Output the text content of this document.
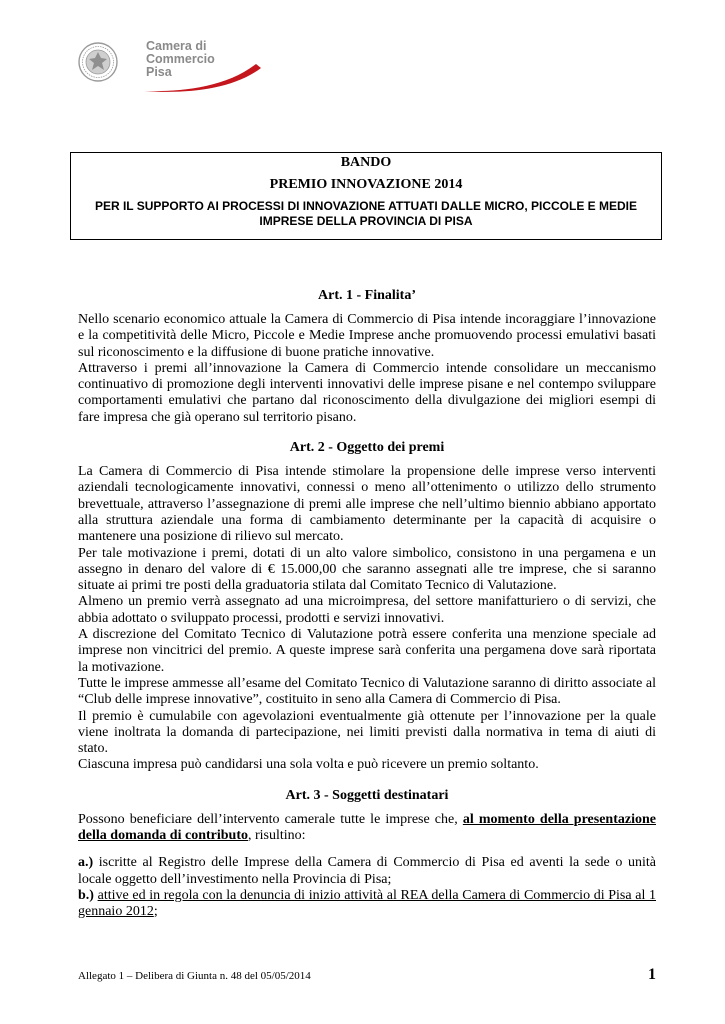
Camera di Commercio
Pisa
BANDO
PREMIO INNOVAZIONE 2014
PER IL SUPPORTO AI PROCESSI DI INNOVAZIONE ATTUATI DALLE MICRO, PICCOLE E MEDIE IMPRESE DELLA PROVINCIA DI PISA
Art. 1 - Finalita’

Nello scenario economico attuale la Camera di Commercio di Pisa intende incoraggiare l’innovazione e la competitività delle Micro, Piccole e Medie Imprese anche promuovendo processi emulativi basati sul riconoscimento e la diffusione di buone pratiche innovative.

Attraverso i premi all’innovazione la Camera di Commercio intende consolidare un meccanismo continuativo di promozione degli interventi innovativi delle imprese pisane e nel contempo sviluppare comportamenti emulativi che partano dal riconoscimento della divulgazione dei migliori esempi di fare impresa che già operano sul territorio pisano.

Art. 2 - Oggetto dei premi

La Camera di Commercio di Pisa intende stimolare la propensione delle imprese verso interventi aziendali tecnologicamente innovativi, connessi o meno all’ottenimento o utilizzo dello strumento brevettuale, attraverso l’assegnazione di premi alle imprese che nell’ultimo biennio abbiano apportato alla struttura aziendale una forma di cambiamento determinante per la capacità di acquisire o mantenere una posizione di rilievo sul mercato.

Per tale motivazione i premi, dotati di un alto valore simbolico, consistono in una pergamena e un assegno in denaro del valore di € 15.000,00 che saranno assegnati alle tre imprese, che si saranno situate ai primi tre posti della graduatoria stilata dal Comitato Tecnico di Valutazione.

Almeno un premio verrà assegnato ad una microimpresa, del settore manifatturiero o di servizi, che abbia adottato o sviluppato processi, prodotti e servizi innovativi.

A discrezione del Comitato Tecnico di Valutazione potrà essere conferita una menzione speciale ad imprese non vincitrici del premio. A queste imprese sarà conferita una pergamena dove sarà riportata la motivazione.

Tutte le imprese ammesse all’esame del Comitato Tecnico di Valutazione saranno di diritto associate al “Club delle imprese innovative”, costituito in seno alla Camera di Commercio di Pisa.

Il premio è cumulabile con agevolazioni eventualmente già ottenute per l’innovazione per la quale viene inoltrata la domanda di partecipazione, nei limiti previsti dalla normativa in tema di aiuti di stato.

Ciascuna impresa può candidarsi una sola volta e può ricevere un premio soltanto.

Art. 3 - Soggetti destinatari

Possono beneficiare dell’intervento camerale tutte le imprese che, al momento della presentazione della domanda di contributo, risultino:

a.) iscritte al Registro delle Imprese della Camera di Commercio di Pisa ed aventi la sede o unità locale oggetto dell’investimento nella Provincia di Pisa;

b.) attive ed in regola con la denuncia di inizio attività al REA della Camera di Commercio di Pisa al 1 gennaio 2012;

Allegato 1 – Delibera di Giunta n. 48 del 05/05/2014	1
